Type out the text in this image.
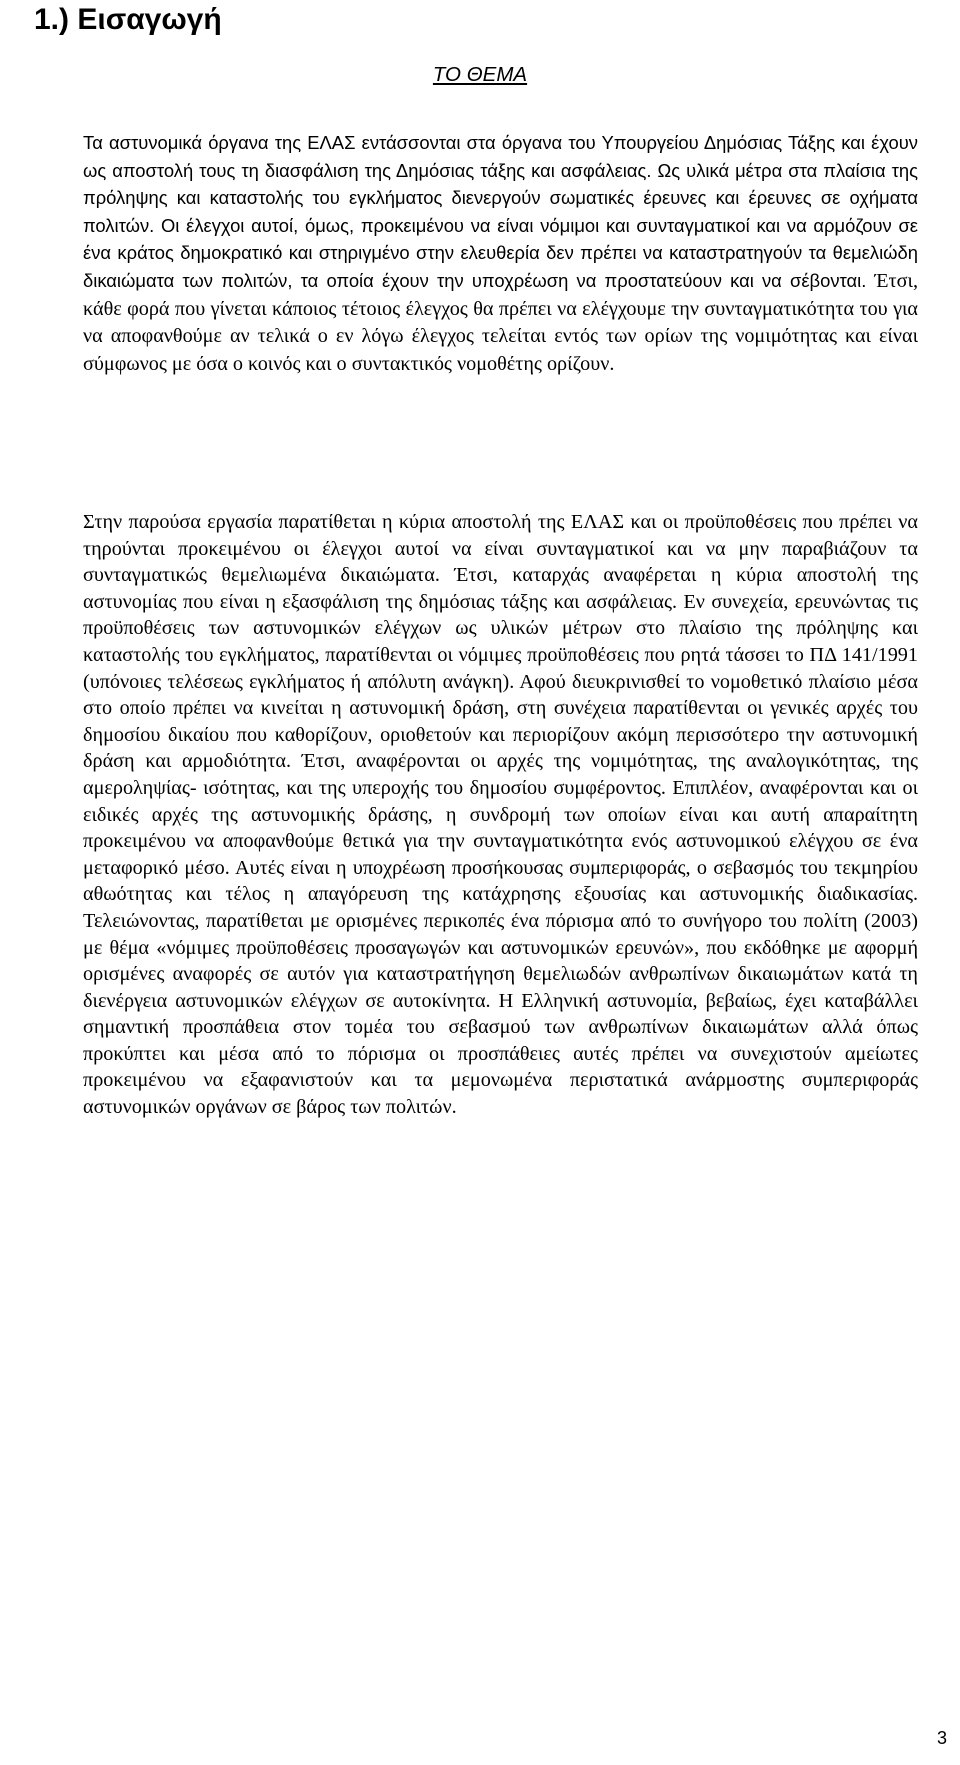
1.) Εισαγωγή

ΤΟ ΘΕΜΑ

Τα αστυνομικά όργανα της ΕΛΑΣ εντάσσονται στα όργανα του Υπουργείου Δημόσιας Τάξης και έχουν ως αποστολή τους τη διασφάλιση της Δημόσιας τάξης και ασφάλειας. Ως υλικά μέτρα στα πλαίσια της πρόληψης και καταστολής του εγκλήματος διενεργούν σωματικές έρευνες και έρευνες σε οχήματα πολιτών. Οι έλεγχοι αυτοί, όμως, προκειμένου να είναι νόμιμοι και συνταγματικοί και να αρμόζουν σε ένα κράτος δημοκρατικό και στηριγμένο στην ελευθερία δεν πρέπει να καταστρατηγούν τα θεμελιώδη δικαιώματα των πολιτών, τα οποία έχουν την υποχρέωση να προστατεύουν και να σέβονται. Έτσι, κάθε φορά που γίνεται κάποιος τέτοιος έλεγχος θα πρέπει να ελέγχουμε την συνταγματικότητα του για να αποφανθούμε αν τελικά ο εν λόγω έλεγχος τελείται εντός των ορίων της νομιμότητας και είναι σύμφωνος με όσα ο κοινός και ο συντακτικός νομοθέτης ορίζουν.

Στην παρούσα εργασία παρατίθεται η κύρια αποστολή της ΕΛΑΣ και οι προϋποθέσεις που πρέπει να τηρούνται προκειμένου οι έλεγχοι αυτοί να είναι συνταγματικοί και να μην παραβιάζουν τα συνταγματικώς θεμελιωμένα δικαιώματα. Έτσι, καταρχάς αναφέρεται η κύρια αποστολή της αστυνομίας που είναι η εξασφάλιση της δημόσιας τάξης και ασφάλειας. Εν συνεχεία, ερευνώντας τις προϋποθέσεις των αστυνομικών ελέγχων ως υλικών μέτρων στο πλαίσιο της πρόληψης και καταστολής του εγκλήματος, παρατίθενται οι νόμιμες προϋποθέσεις που ρητά τάσσει το ΠΔ 141/1991 (υπόνοιες τελέσεως εγκλήματος ή απόλυτη ανάγκη). Αφού διευκρινισθεί το νομοθετικό πλαίσιο μέσα στο οποίο πρέπει να κινείται η αστυνομική δράση, στη συνέχεια παρατίθενται οι γενικές αρχές του δημοσίου δικαίου που καθορίζουν, οριοθετούν και περιορίζουν ακόμη περισσότερο την αστυνομική δράση και αρμοδιότητα. Έτσι, αναφέρονται οι αρχές της νομιμότητας, της αναλογικότητας, της αμεροληψίας- ισότητας, και της υπεροχής του δημοσίου συμφέροντος. Επιπλέον, αναφέρονται και οι ειδικές αρχές της αστυνομικής δράσης, η συνδρομή των οποίων είναι και αυτή απαραίτητη προκειμένου να αποφανθούμε θετικά για την συνταγματικότητα ενός αστυνομικού ελέγχου σε ένα μεταφορικό μέσο. Αυτές είναι η υποχρέωση προσήκουσας συμπεριφοράς, ο σεβασμός του τεκμηρίου αθωότητας και τέλος η απαγόρευση της κατάχρησης εξουσίας και αστυνομικής διαδικασίας. Τελειώνοντας, παρατίθεται με ορισμένες περικοπές ένα πόρισμα από το συνήγορο του πολίτη (2003) με θέμα «νόμιμες προϋποθέσεις προσαγωγών και αστυνομικών ερευνών», που εκδόθηκε με αφορμή ορισμένες αναφορές σε αυτόν για καταστρατήγηση θεμελιωδών ανθρωπίνων δικαιωμάτων κατά τη διενέργεια αστυνομικών ελέγχων σε αυτοκίνητα. Η Ελληνική αστυνομία, βεβαίως, έχει καταβάλλει σημαντική προσπάθεια στον τομέα του σεβασμού των ανθρωπίνων δικαιωμάτων αλλά όπως προκύπτει και μέσα από το πόρισμα οι προσπάθειες αυτές πρέπει να συνεχιστούν αμείωτες προκειμένου να εξαφανιστούν και τα μεμονωμένα περιστατικά ανάρμοστης συμπεριφοράς αστυνομικών οργάνων σε βάρος των πολιτών.

3
